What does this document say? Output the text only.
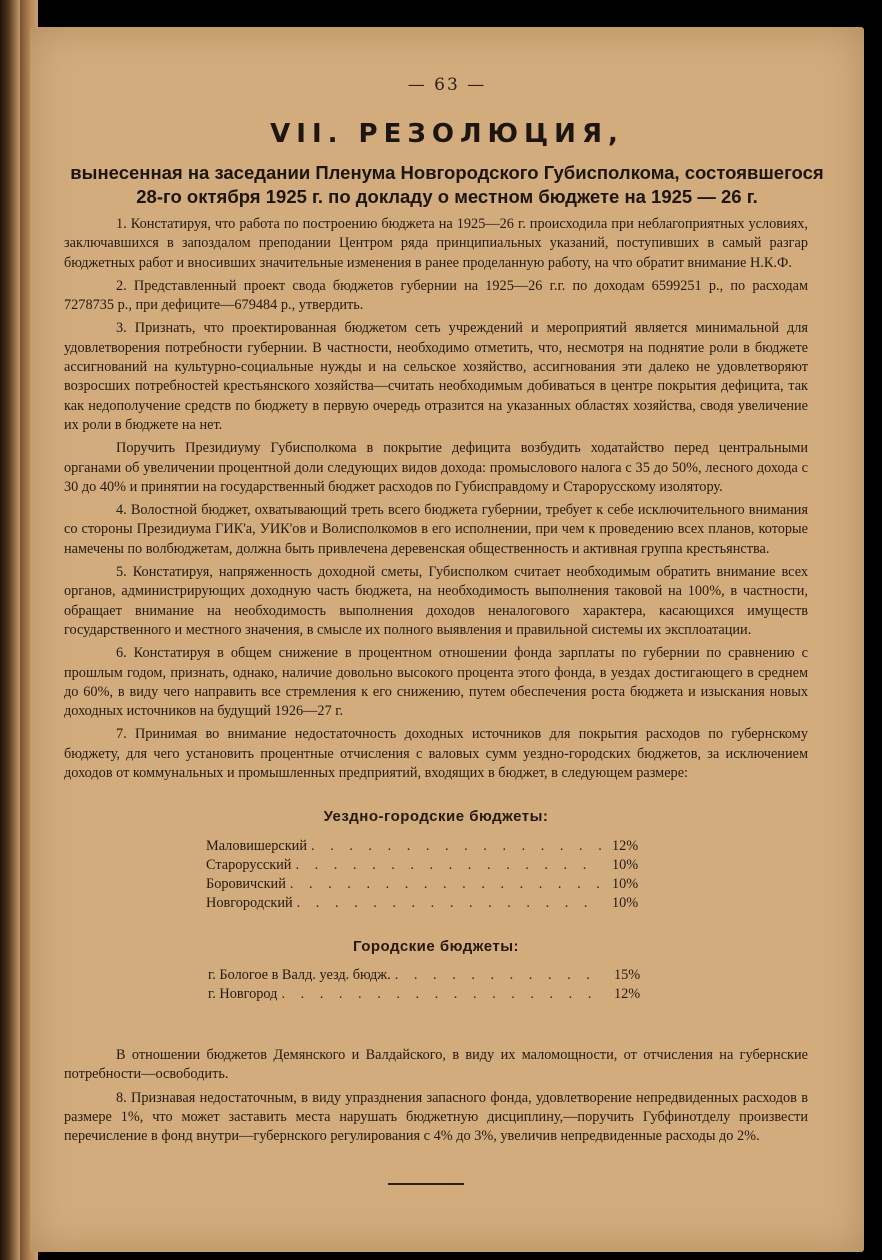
— 63 —
VII. РЕЗОЛЮЦИЯ,
вынесенная на заседании Пленума Новгородского Губисполкома, состоявшегося 28-го октября 1925 г. по докладу о местном бюджете на 1925 — 26 г.

1. Констатируя, что работа по построению бюджета на 1925—26 г. происходила при неблагоприятных условиях, заключавшихся в запоздалом преподании Центром ряда принципиальных указаний, поступивших в самый разгар бюджетных работ и вносивших значительные изменения в ранее проделанную работу, на что обратит внимание Н.К.Ф.

2. Представленный проект свода бюджетов губернии на 1925—26 г.г. по доходам 6599251 р., по расходам 7278735 р., при дефиците—679484 р., утвердить.

3. Признать, что проектированная бюджетом сеть учреждений и мероприятий является минимальной для удовлетворения потребности губернии. В частности, необходимо отметить, что, несмотря на поднятие роли в бюджете ассигнований на культурно-социальные нужды и на сельское хозяйство, ассигнования эти далеко не удовлетворяют возросших потребностей крестьянского хозяйства—считать необходимым добиваться в центре покрытия дефицита, так как недополучение средств по бюджету в первую очередь отразится на указанных областях хозяйства, сводя увеличение их роли в бюджете на нет.

Поручить Президиуму Губисполкома в покрытие дефицита возбудить ходатайство перед центральными органами об увеличении процентной доли следующих видов дохода: промыслового налога с 35 до 50%, лесного дохода с 30 до 40% и принятии на государственный бюджет расходов по Губисправдому и Старорусскому изолятору.

4. Волостной бюджет, охватывающий треть всего бюджета губернии, требует к себе исключительного внимания со стороны Президиума ГИК'а, УИК'ов и Волисполкомов в его исполнении, при чем к проведению всех планов, которые намечены по волбюджетам, должна быть привлечена деревенская общественность и активная группа крестьянства.

5. Констатируя, напряженность доходной сметы, Губисполком считает необходимым обратить внимание всех органов, администрирующих доходную часть бюджета, на необходимость выполнения таковой на 100%, в частности, обращает внимание на необходимость выполнения доходов неналогового характера, касающихся имуществ государственного и местного значения, в смысле их полного выявления и правильной системы их эксплоатации.

6. Констатируя в общем снижение в процентном отношении фонда зарплаты по губернии по сравнению с прошлым годом, признать, однако, наличие довольно высокого процента этого фонда, в уездах достигающего в среднем до 60%, в виду чего направить все стремления к его снижению, путем обеспечения роста бюджета и изыскания новых доходных источников на будущий 1926—27 г.

7. Принимая во внимание недостаточность доходных источников для покрытия расходов по губернскому бюджету, для чего установить процентные отчисления с валовых сумм уездно-городских бюджетов, за исключением доходов от коммунальных и промышленных предприятий, входящих в бюджет, в следующем размере:

Уездно-городские бюджеты:
Маловишерский . . .	12%
Старорусский . . .	10%
Боровичский . . .	10%
Новгородский . . .	10%
Городские бюджеты:
г. Бологое в Валд. уезд. бюдж. . . .	15%
г. Новгород . . .	12%

В отношении бюджетов Демянского и Валдайского, в виду их маломощности, от отчисления на губернские потребности—освободить.

8. Признавая недостаточным, в виду упразднения запасного фонда, удовлетворение непредвиденных расходов в размере 1%, что может заставить места нарушать бюджетную дисциплину,—поручить Губфинотделу произвести перечисление в фонд внутри—губернского регулирования с 4% до 3%, увеличив непредвиденные расходы до 2%.
